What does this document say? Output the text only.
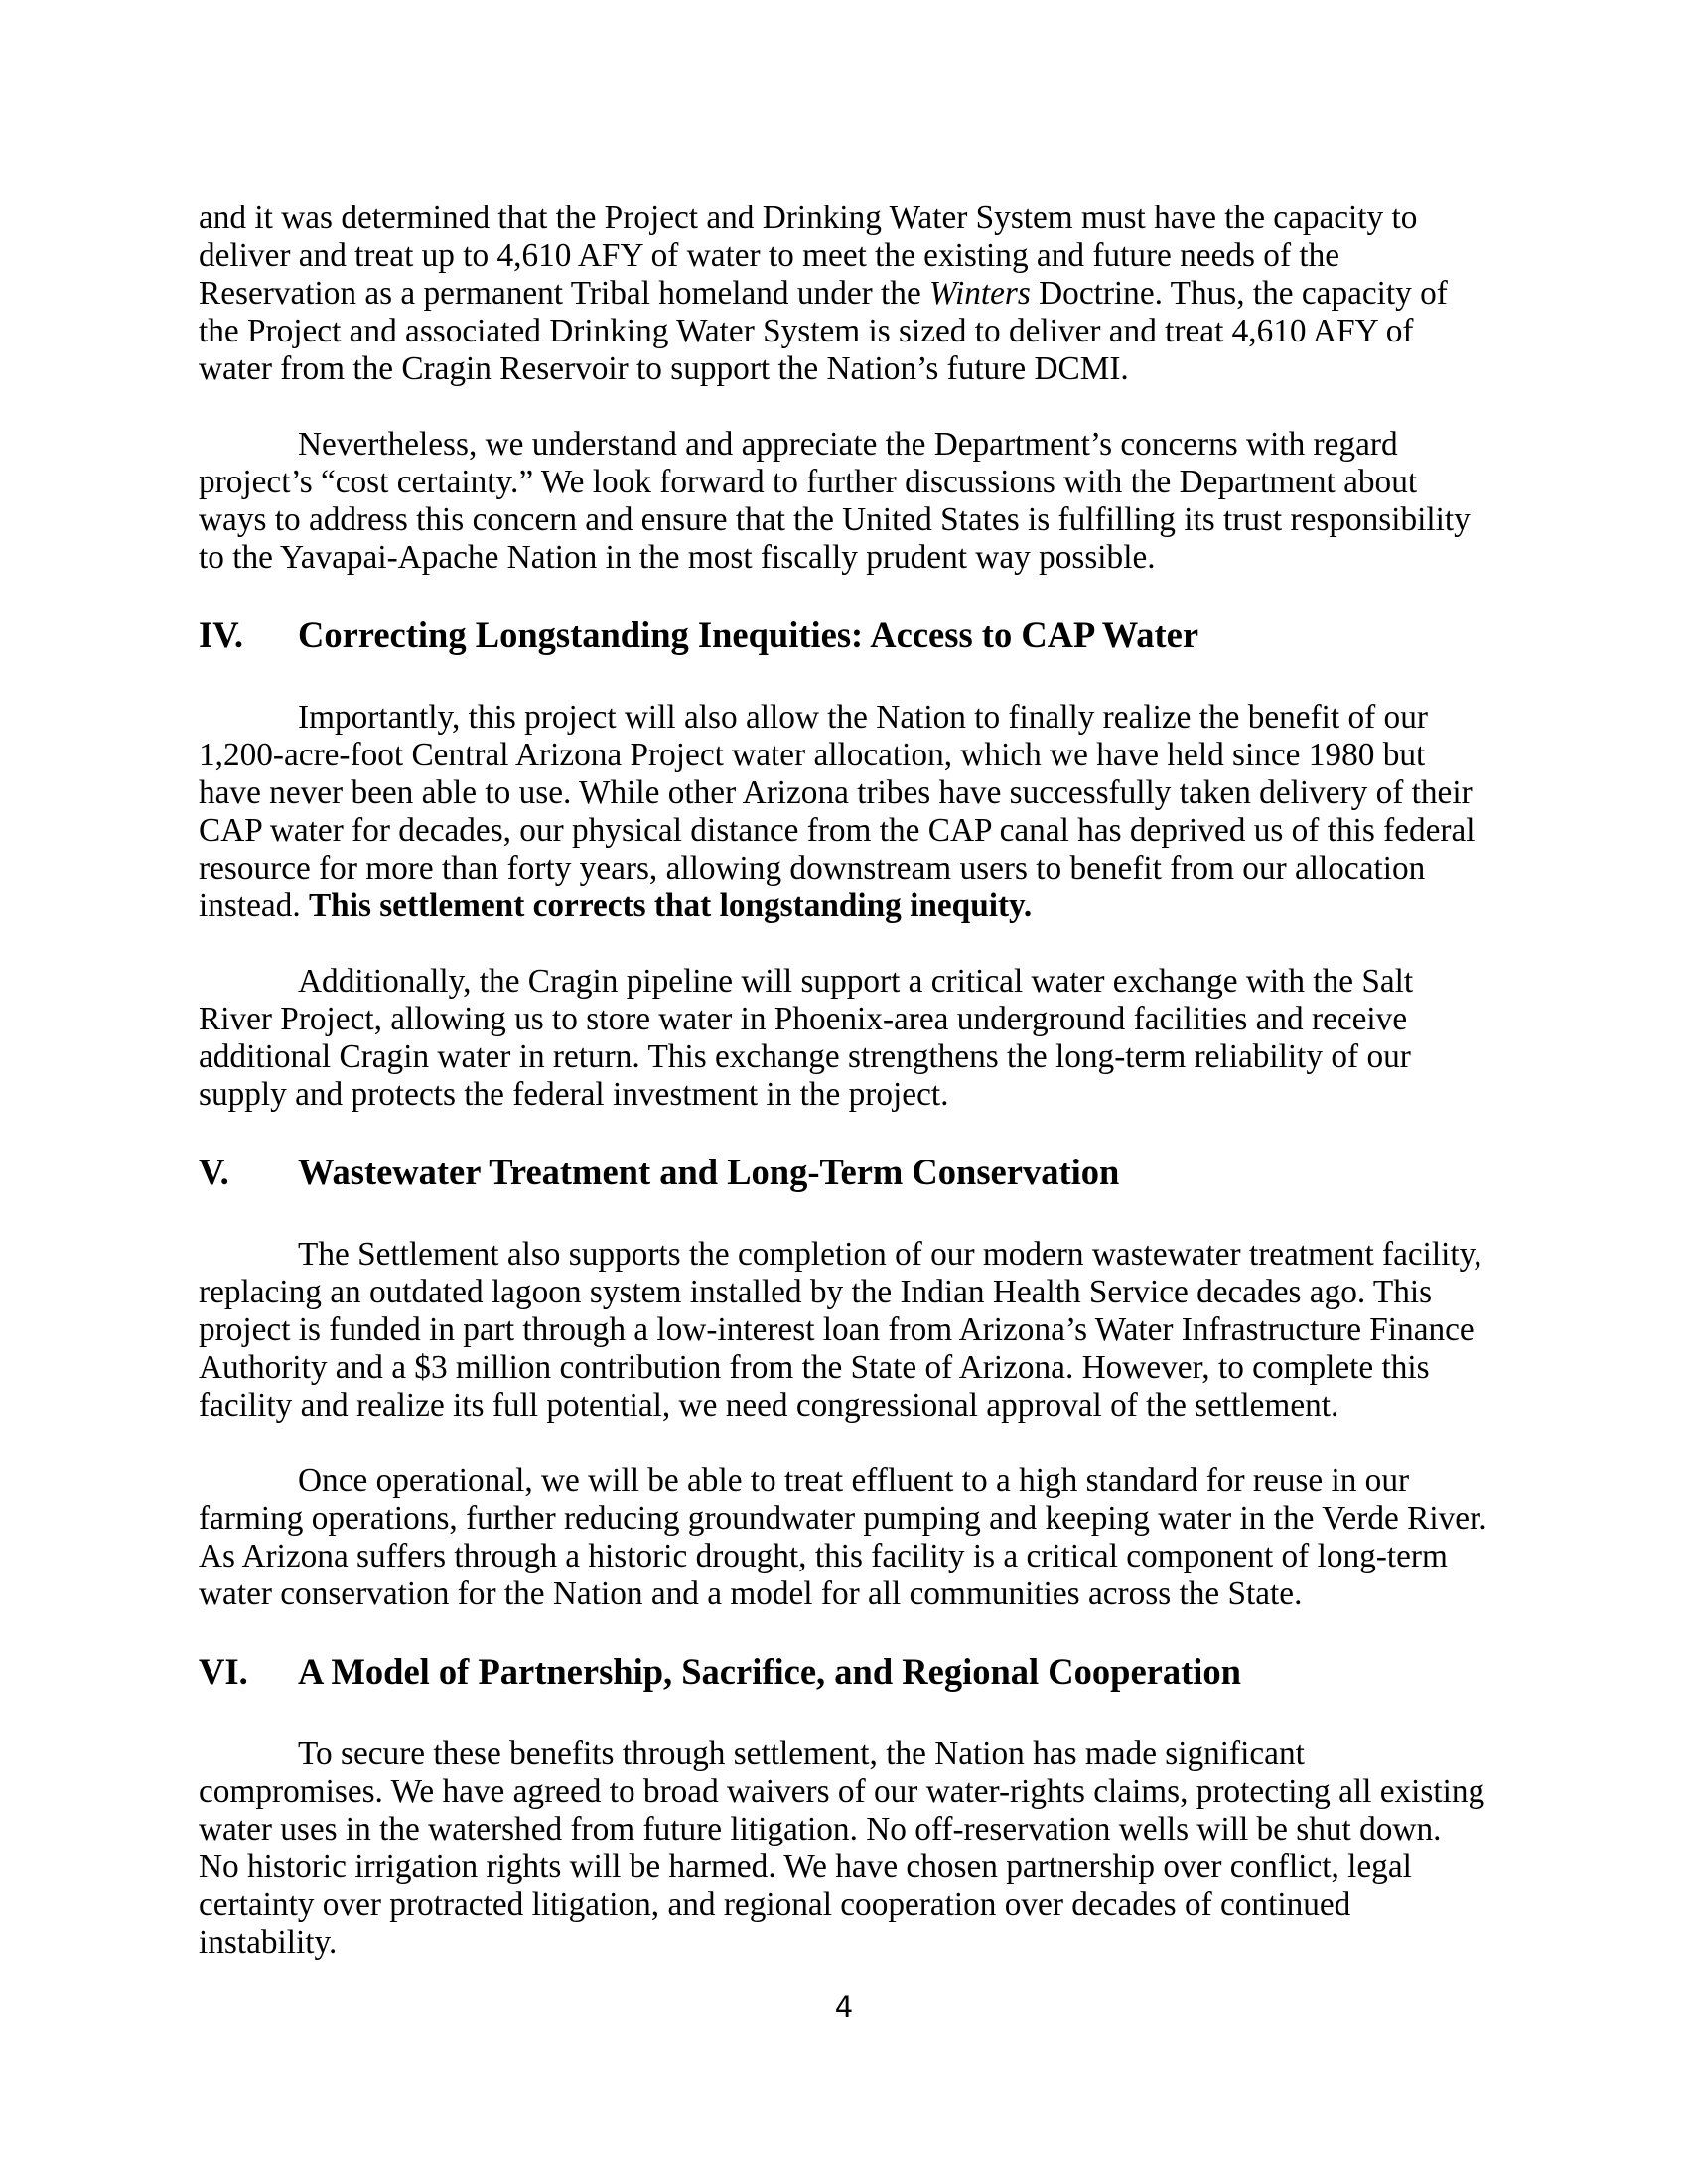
and it was determined that the Project and Drinking Water System must have the capacity to deliver and treat up to 4,610 AFY of water to meet the existing and future needs of the Reservation as a permanent Tribal homeland under the Winters Doctrine. Thus, the capacity of the Project and associated Drinking Water System is sized to deliver and treat 4,610 AFY of water from the Cragin Reservoir to support the Nation’s future DCMI.

Nevertheless, we understand and appreciate the Department’s concerns with regard project’s “cost certainty.” We look forward to further discussions with the Department about ways to address this concern and ensure that the United States is fulfilling its trust responsibility to the Yavapai-Apache Nation in the most fiscally prudent way possible.

IV. Correcting Longstanding Inequities: Access to CAP Water

Importantly, this project will also allow the Nation to finally realize the benefit of our 1,200-acre-foot Central Arizona Project water allocation, which we have held since 1980 but have never been able to use. While other Arizona tribes have successfully taken delivery of their CAP water for decades, our physical distance from the CAP canal has deprived us of this federal resource for more than forty years, allowing downstream users to benefit from our allocation instead. This settlement corrects that longstanding inequity.

Additionally, the Cragin pipeline will support a critical water exchange with the Salt River Project, allowing us to store water in Phoenix-area underground facilities and receive additional Cragin water in return. This exchange strengthens the long-term reliability of our supply and protects the federal investment in the project.

V. Wastewater Treatment and Long-Term Conservation

The Settlement also supports the completion of our modern wastewater treatment facility, replacing an outdated lagoon system installed by the Indian Health Service decades ago. This project is funded in part through a low-interest loan from Arizona’s Water Infrastructure Finance Authority and a $3 million contribution from the State of Arizona. However, to complete this facility and realize its full potential, we need congressional approval of the settlement.

Once operational, we will be able to treat effluent to a high standard for reuse in our farming operations, further reducing groundwater pumping and keeping water in the Verde River. As Arizona suffers through a historic drought, this facility is a critical component of long-term water conservation for the Nation and a model for all communities across the State.

VI. A Model of Partnership, Sacrifice, and Regional Cooperation

To secure these benefits through settlement, the Nation has made significant compromises. We have agreed to broad waivers of our water-rights claims, protecting all existing water uses in the watershed from future litigation. No off-reservation wells will be shut down. No historic irrigation rights will be harmed. We have chosen partnership over conflict, legal certainty over protracted litigation, and regional cooperation over decades of continued instability.

4
